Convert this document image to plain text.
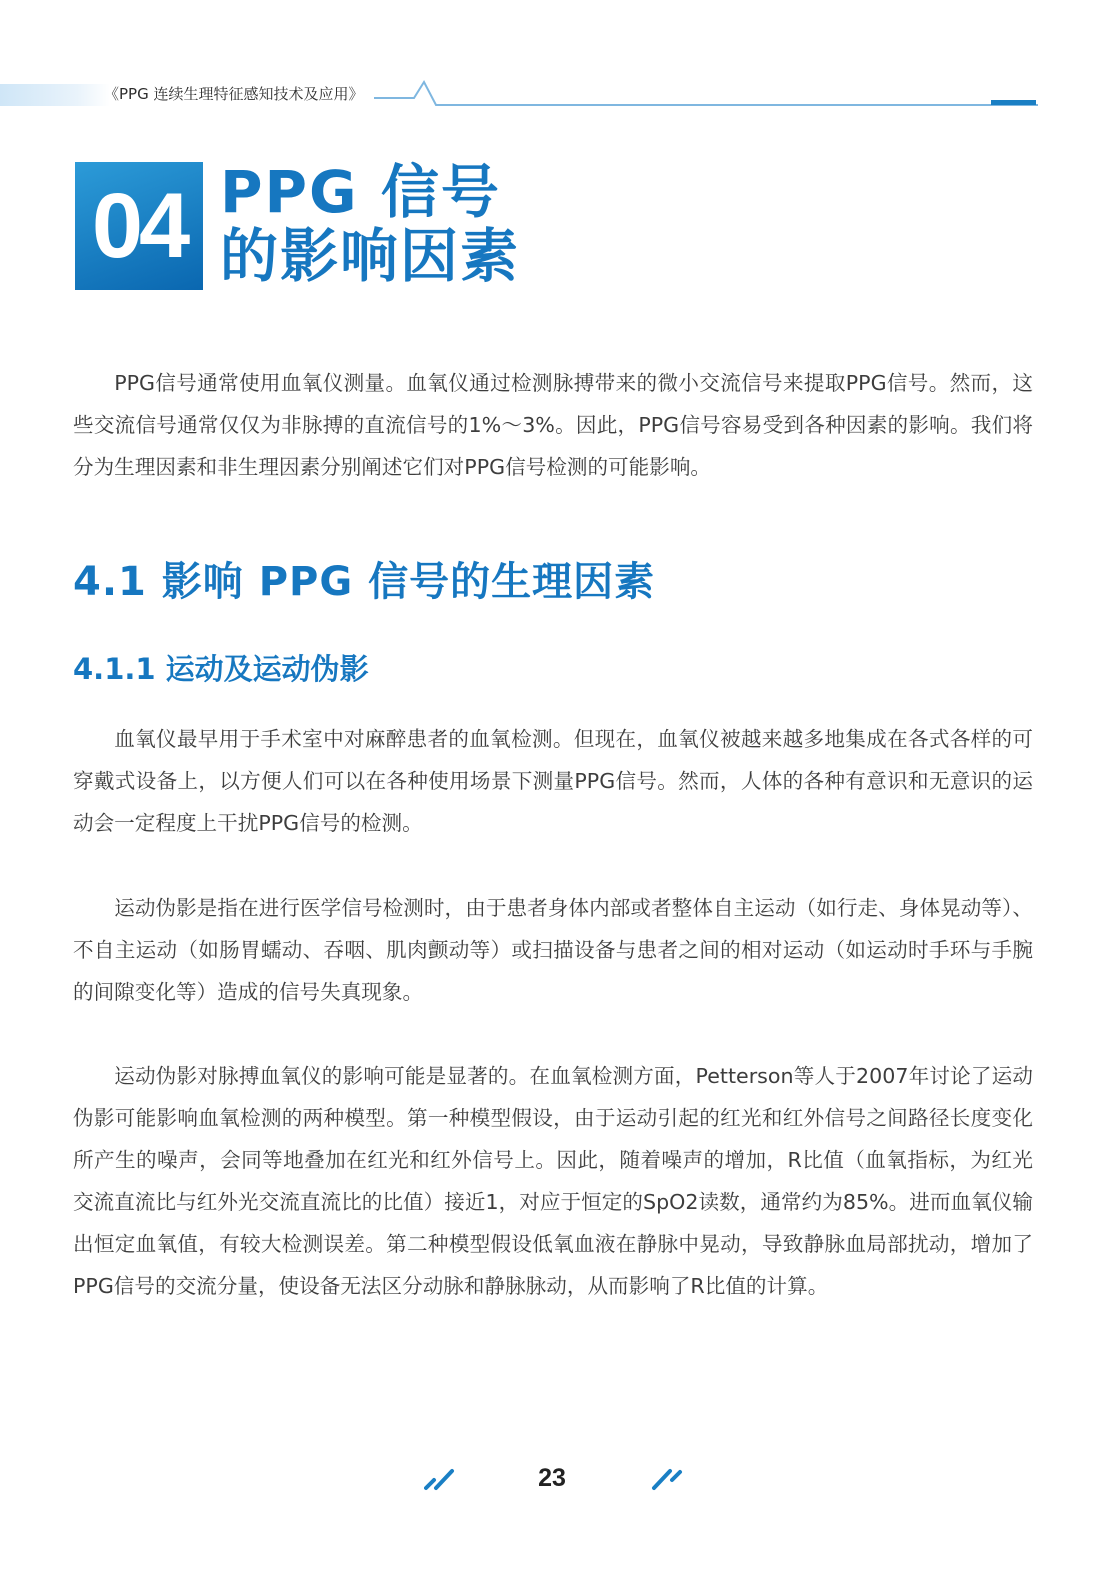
《PPG 连续生理特征感知技术及应用》
04 PPG 信号
的影响因素

PPG信号通常使用血氧仪测量。血氧仪通过检测脉搏带来的微小交流信号来提取PPG信号。然而，这些交流信号通常仅仅为非脉搏的直流信号的1%～3%。因此，PPG信号容易受到各种因素的影响。我们将分为生理因素和非生理因素分别阐述它们对PPG信号检测的可能影响。

4.1 影响 PPG 信号的生理因素
4.1.1 运动及运动伪影

血氧仪最早用于手术室中对麻醉患者的血氧检测。但现在，血氧仪被越来越多地集成在各式各样的可穿戴式设备上，以方便人们可以在各种使用场景下测量PPG信号。然而，人体的各种有意识和无意识的运动会一定程度上干扰PPG信号的检测。

运动伪影是指在进行医学信号检测时，由于患者身体内部或者整体自主运动（如行走、身体晃动等）、不自主运动（如肠胃蠕动、吞咽、肌肉颤动等）或扫描设备与患者之间的相对运动（如运动时手环与手腕的间隙变化等）造成的信号失真现象。

运动伪影对脉搏血氧仪的影响可能是显著的。在血氧检测方面，Petterson等人于2007年讨论了运动伪影可能影响血氧检测的两种模型。第一种模型假设，由于运动引起的红光和红外信号之间路径长度变化所产生的噪声，会同等地叠加在红光和红外信号上。因此，随着噪声的增加，R比值（血氧指标，为红光交流直流比与红外光交流直流比的比值）接近1，对应于恒定的SpO2读数，通常约为85%。进而血氧仪输出恒定血氧值，有较大检测误差。第二种模型假设低氧血液在静脉中晃动，导致静脉血局部扰动，增加了PPG信号的交流分量，使设备无法区分动脉和静脉脉动，从而影响了R比值的计算。

23
